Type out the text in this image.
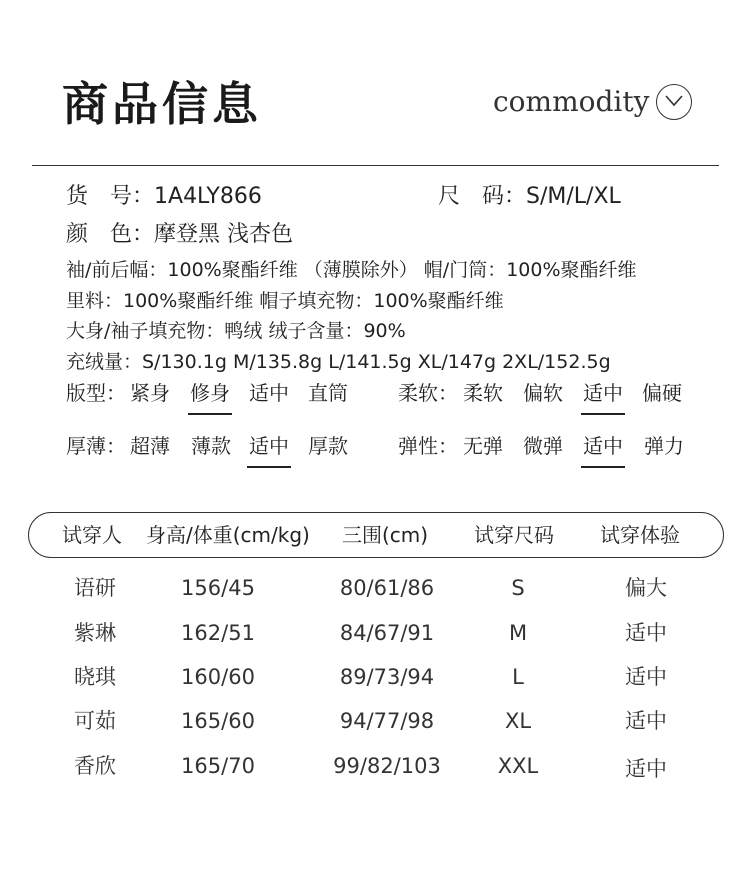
商品信息	commodity
货　号：1A4LY866	尺　码：S/M/L/XL
颜　色：摩登黑 浅杏色
袖/前后幅：100%聚酯纤维 （薄膜除外） 帽/门筒：100%聚酯纤维
里料：100%聚酯纤维 帽子填充物：100%聚酯纤维
大身/袖子填充物：鸭绒 绒子含量：90%
充绒量：S/130.1g M/135.8g L/141.5g XL/147g 2XL/152.5g
版型： 紧身 修身 适中 直筒	柔软： 柔软 偏软 适中 偏硬
厚薄： 超薄 薄款 适中 厚款	弹性： 无弹 微弹 适中 弹力
试穿人 身高/体重(cm/kg) 三围(cm) 试穿尺码 试穿体验
语研	156/45	80/61/86	S	偏大
紫琳	162/51	84/67/91	M	适中
晓琪	160/60	89/73/94	L	适中
可茹	165/60	94/77/98	XL	适中
香欣	165/70	99/82/103	XXL	适中
